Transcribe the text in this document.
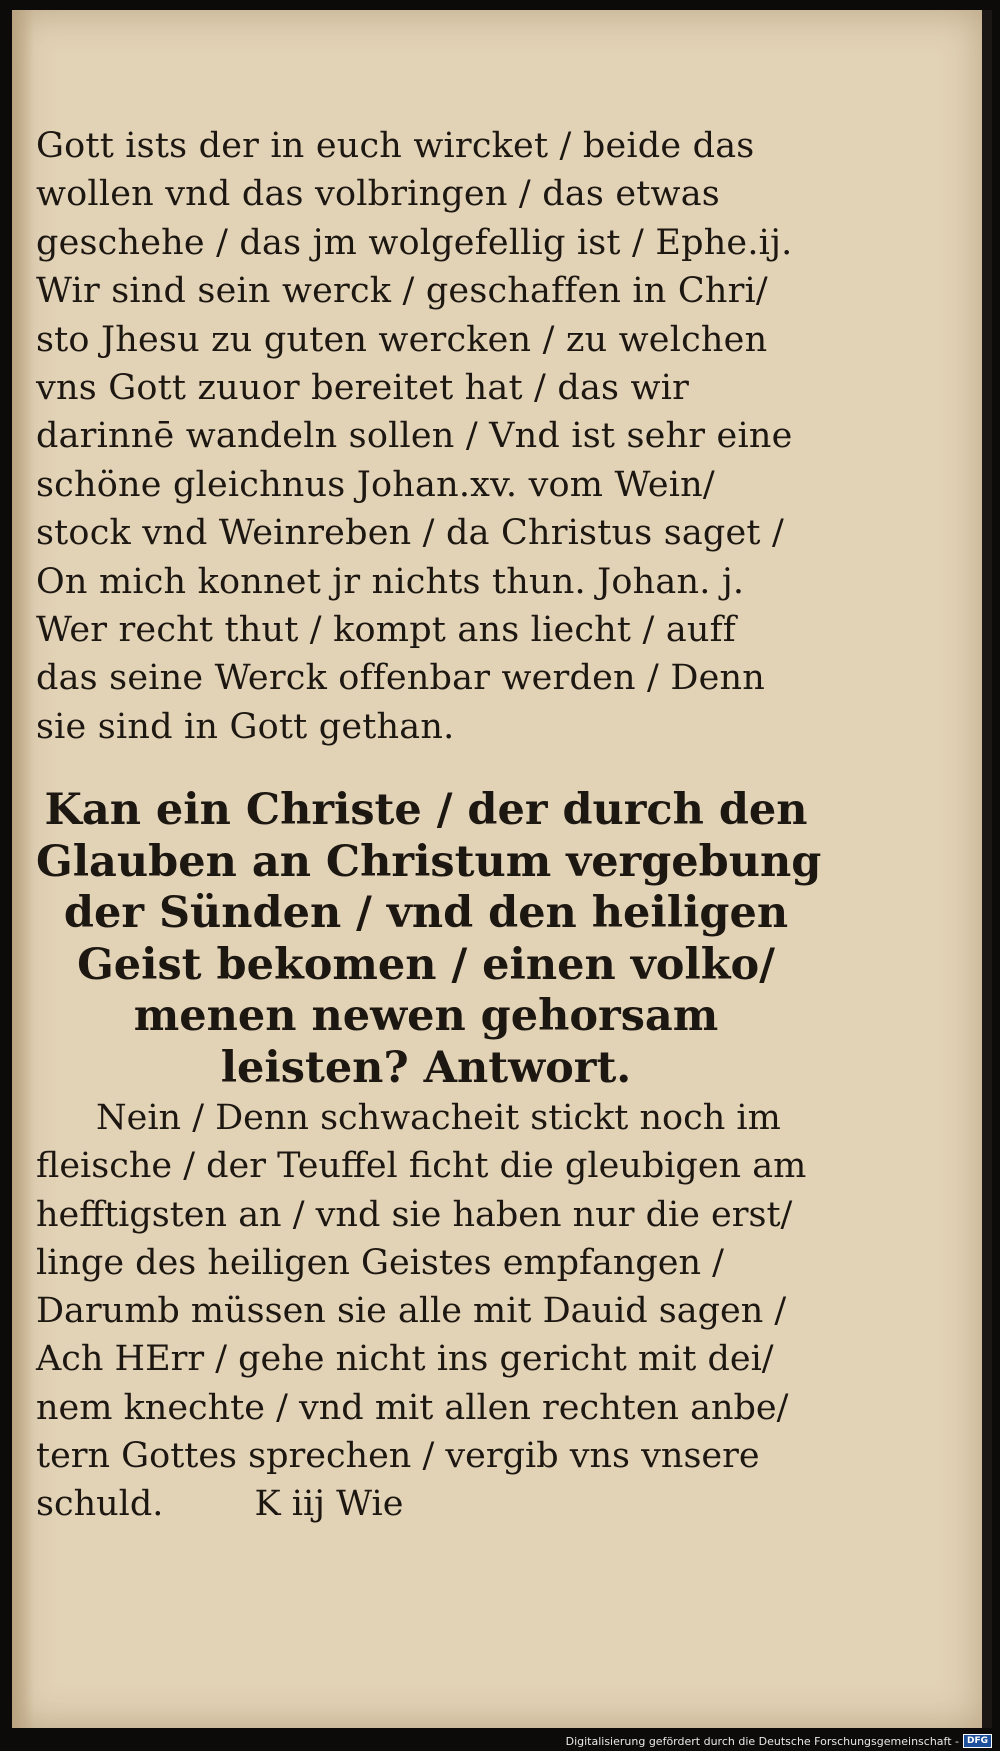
Gott ists der in euch wircket / beide das
wollen vnd das volbringen / das etwas
geschehe / das jm wolgefellig ist / Ephe.ij.
Wir sind sein werck / geschaffen in Chri/
sto Jhesu zu guten wercken / zu welchen
vns Gott zuuor bereitet hat / das wir
darinnē wandeln sollen / Vnd ist sehr eine
schöne gleichnus Johan.xv. vom Wein/
stock vnd Weinreben / da Christus saget /
On mich konnet jr nichts thun. Johan. j.
Wer recht thut / kompt ans liecht / auff
das seine Werck offenbar werden / Denn
sie sind in Gott gethan.

Kan ein Christe / der durch den
Glauben an Christum vergebung
der Sünden / vnd den heiligen
Geist bekomen / einen volko/
menen newen gehorsam
leisten? Antwort.

Nein / Denn schwacheit stickt noch im
fleische / der Teuffel ficht die gleubigen am
hefftigsten an / vnd sie haben nur die erst/
linge des heiligen Geistes empfangen /
Darumb müssen sie alle mit Dauid sagen /
Ach HErr / gehe nicht ins gericht mit dei/
nem knechte / vnd mit allen rechten anbe/
tern Gottes sprechen / vergib vns vnsere
schuld.	K iij Wie

Digitalisierung gefördert durch die Deutsche Forschungsgemeinschaft - DFG
